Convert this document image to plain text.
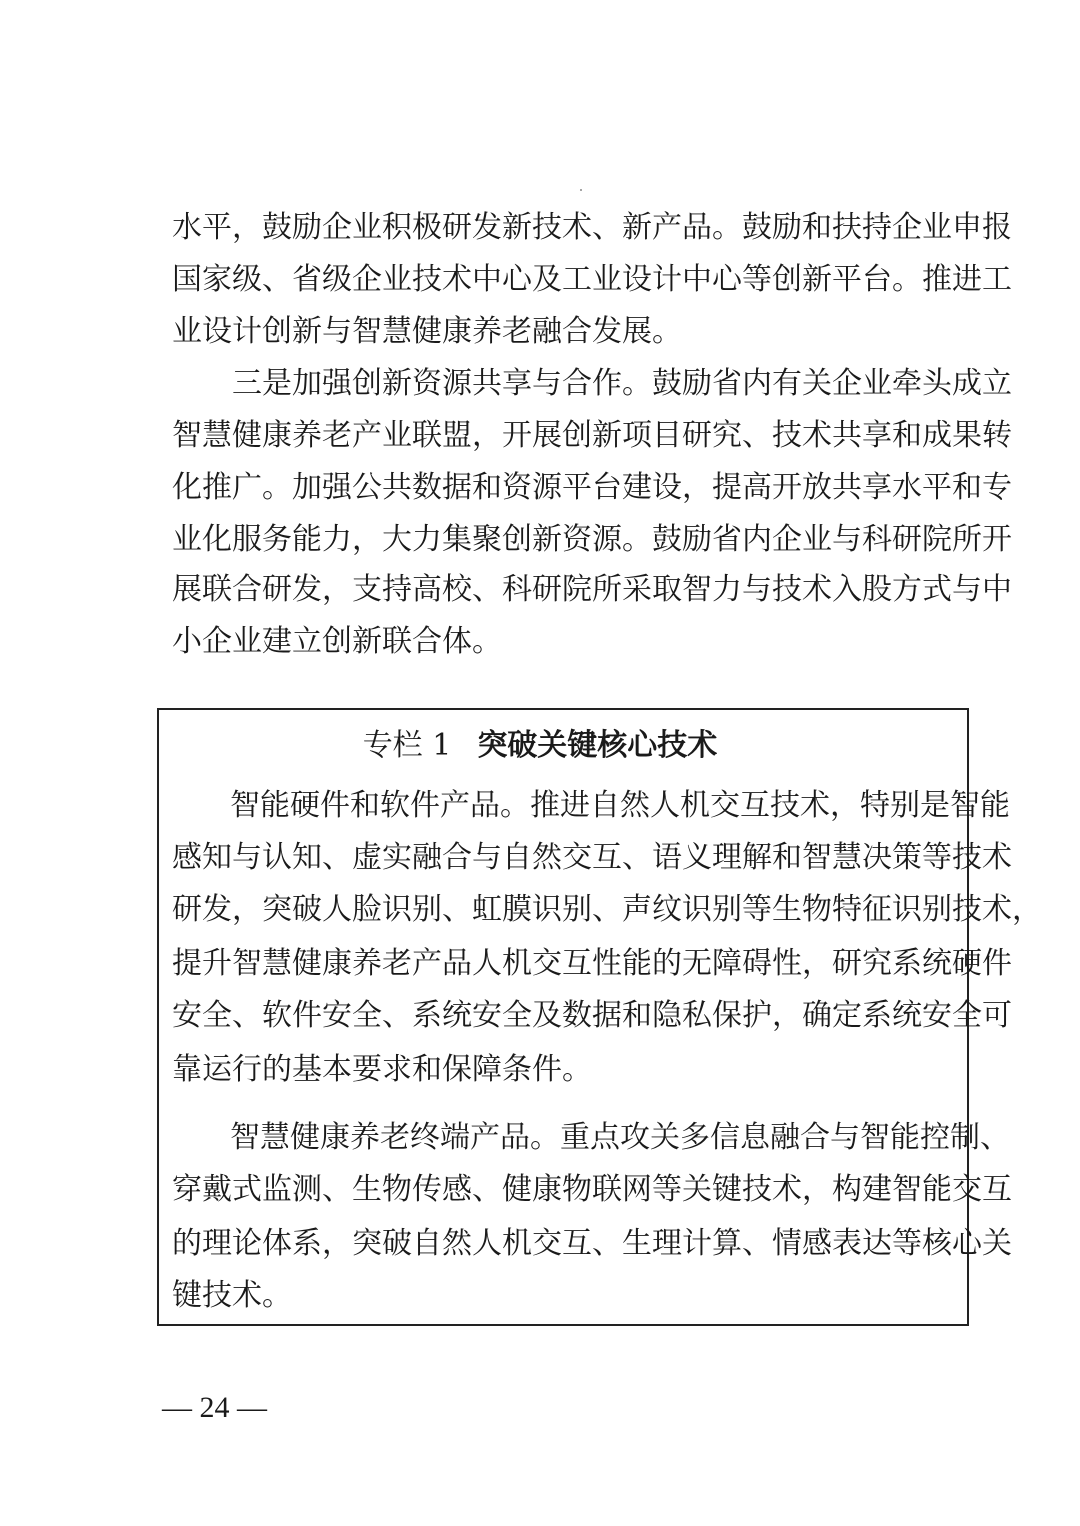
水平，鼓励企业积极研发新技术、新产品。鼓励和扶持企业申报

国家级、省级企业技术中心及工业设计中心等创新平台。推进工

业设计创新与智慧健康养老融合发展。

三是加强创新资源共享与合作。鼓励省内有关企业牵头成立

智慧健康养老产业联盟，开展创新项目研究、技术共享和成果转

化推广。加强公共数据和资源平台建设，提高开放共享水平和专

业化服务能力，大力集聚创新资源。鼓励省内企业与科研院所开

展联合研发，支持高校、科研院所采取智力与技术入股方式与中

小企业建立创新联合体。

专栏 1 突破关键核心技术

智能硬件和软件产品。推进自然人机交互技术，特别是智能

感知与认知、虚实融合与自然交互、语义理解和智慧决策等技术

研发，突破人脸识别、虹膜识别、声纹识别等生物特征识别技术，

提升智慧健康养老产品人机交互性能的无障碍性，研究系统硬件

安全、软件安全、系统安全及数据和隐私保护，确定系统安全可

靠运行的基本要求和保障条件。

智慧健康养老终端产品。重点攻关多信息融合与智能控制、

穿戴式监测、生物传感、健康物联网等关键技术，构建智能交互

的理论体系，突破自然人机交互、生理计算、情感表达等核心关

键技术。

— 24 —
